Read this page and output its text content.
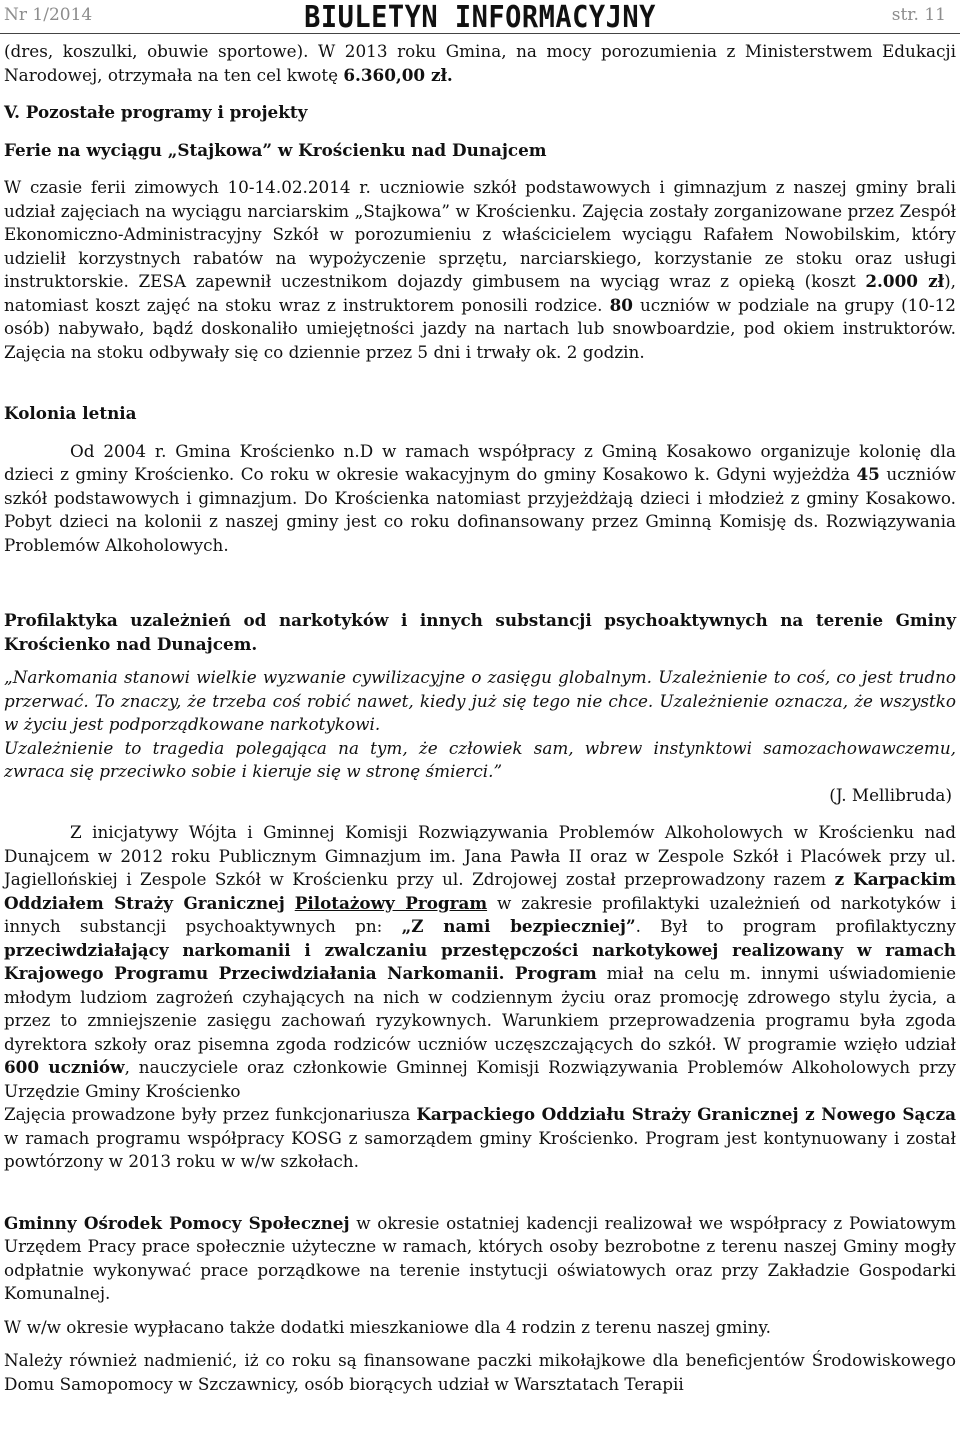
Nr 1/2014	BIULETYN INFORMACYJNY	str. 11

(dres, koszulki, obuwie sportowe). W 2013 roku Gmina, na mocy porozumienia z Ministerstwem Edukacji Narodowej, otrzymała na ten cel kwotę 6.360,00 zł.

V. Pozostałe programy i projekty

Ferie na wyciągu „Stajkowa” w Krościenku nad Dunajcem

W czasie ferii zimowych 10-14.02.2014 r. uczniowie szkół podstawowych i gimnazjum z naszej gminy brali udział zajęciach na wyciągu narciarskim „Stajkowa” w Krościenku. Zajęcia zostały zorganizowane przez Zespół Ekonomiczno-Administracyjny Szkół w porozumieniu z właścicielem wyciągu Rafałem Nowobilskim, który udzielił korzystnych rabatów na wypożyczenie sprzętu, narciarskiego, korzystanie ze stoku oraz usługi instruktorskie. ZESA zapewnił uczestnikom dojazdy gimbusem na wyciąg wraz z opieką (koszt 2.000 zł), natomiast koszt zajęć na stoku wraz z instruktorem ponosili rodzice. 80 uczniów w podziale na grupy (10-12 osób) nabywało, bądź doskonaliło umiejętności jazdy na nartach lub snowboardzie, pod okiem instruktorów. Zajęcia na stoku odbywały się co dziennie przez 5 dni i trwały ok. 2 godzin.

Kolonia letnia

Od 2004 r. Gmina Krościenko n.D w ramach współpracy z Gminą Kosakowo organizuje kolonię dla dzieci z gminy Krościenko. Co roku w okresie wakacyjnym do gminy Kosakowo k. Gdyni wyjeżdża 45 uczniów szkół podstawowych i gimnazjum. Do Krościenka natomiast przyjeżdżają dzieci i młodzież z gminy Kosakowo. Pobyt dzieci na kolonii z naszej gminy jest co roku dofinansowany przez Gminną Komisję ds. Rozwiązywania Problemów Alkoholowych.

Profilaktyka uzależnień od narkotyków i innych substancji psychoaktywnych na terenie Gminy Krościenko nad Dunajcem.

„Narkomania stanowi wielkie wyzwanie cywilizacyjne o zasięgu globalnym. Uzależnienie to coś, co jest trudno przerwać. To znaczy, że trzeba coś robić nawet, kiedy już się tego nie chce. Uzależnienie oznacza, że wszystko w życiu jest podporządkowane narkotykowi.

Uzależnienie to tragedia polegająca na tym, że człowiek sam, wbrew instynktowi samozachowawczemu, zwraca się przeciwko sobie i kieruje się w stronę śmierci.”

(J. Mellibruda)

Z inicjatywy Wójta i Gminnej Komisji Rozwiązywania Problemów Alkoholowych w Krościenku nad Dunajcem w 2012 roku Publicznym Gimnazjum im. Jana Pawła II oraz w Zespole Szkół i Placówek przy ul. Jagiellońskiej i Zespole Szkół w Krościenku przy ul. Zdrojowej został przeprowadzony razem z Karpackim Oddziałem Straży Granicznej Pilotażowy Program w zakresie profilaktyki uzależnień od narkotyków i innych substancji psychoaktywnych pn: „Z nami bezpieczniej”. Był to program profilaktyczny przeciwdziałający narkomanii i zwalczaniu przestępczości narkotykowej realizowany w ramach Krajowego Programu Przeciwdziałania Narkomanii. Program miał na celu m. innymi uświadomienie młodym ludziom zagrożeń czyhających na nich w codziennym życiu oraz promocję zdrowego stylu życia, a przez to zmniejszenie zasięgu zachowań ryzykownych. Warunkiem przeprowadzenia programu była zgoda dyrektora szkoły oraz pisemna zgoda rodziców uczniów uczęszczających do szkół. W programie wzięło udział 600 uczniów, nauczyciele oraz członkowie Gminnej Komisji Rozwiązywania Problemów Alkoholowych przy Urzędzie Gminy Krościenko

Zajęcia prowadzone były przez funkcjonariusza Karpackiego Oddziału Straży Granicznej z Nowego Sącza w ramach programu współpracy KOSG z samorządem gminy Krościenko. Program jest kontynuowany i został powtórzony w 2013 roku w w/w szkołach.

Gminny Ośrodek Pomocy Społecznej w okresie ostatniej kadencji realizował we współpracy z Powiatowym Urzędem Pracy prace społecznie użyteczne w ramach, których osoby bezrobotne z terenu naszej Gminy mogły odpłatnie wykonywać prace porządkowe na terenie instytucji oświatowych oraz przy Zakładzie Gospodarki Komunalnej.

W w/w okresie wypłacano także dodatki mieszkaniowe dla 4 rodzin z terenu naszej gminy.

Należy również nadmienić, iż co roku są finansowane paczki mikołajkowe dla beneficjentów Środowiskowego Domu Samopomocy w Szczawnicy, osób biorących udział w Warsztatach Terapii
